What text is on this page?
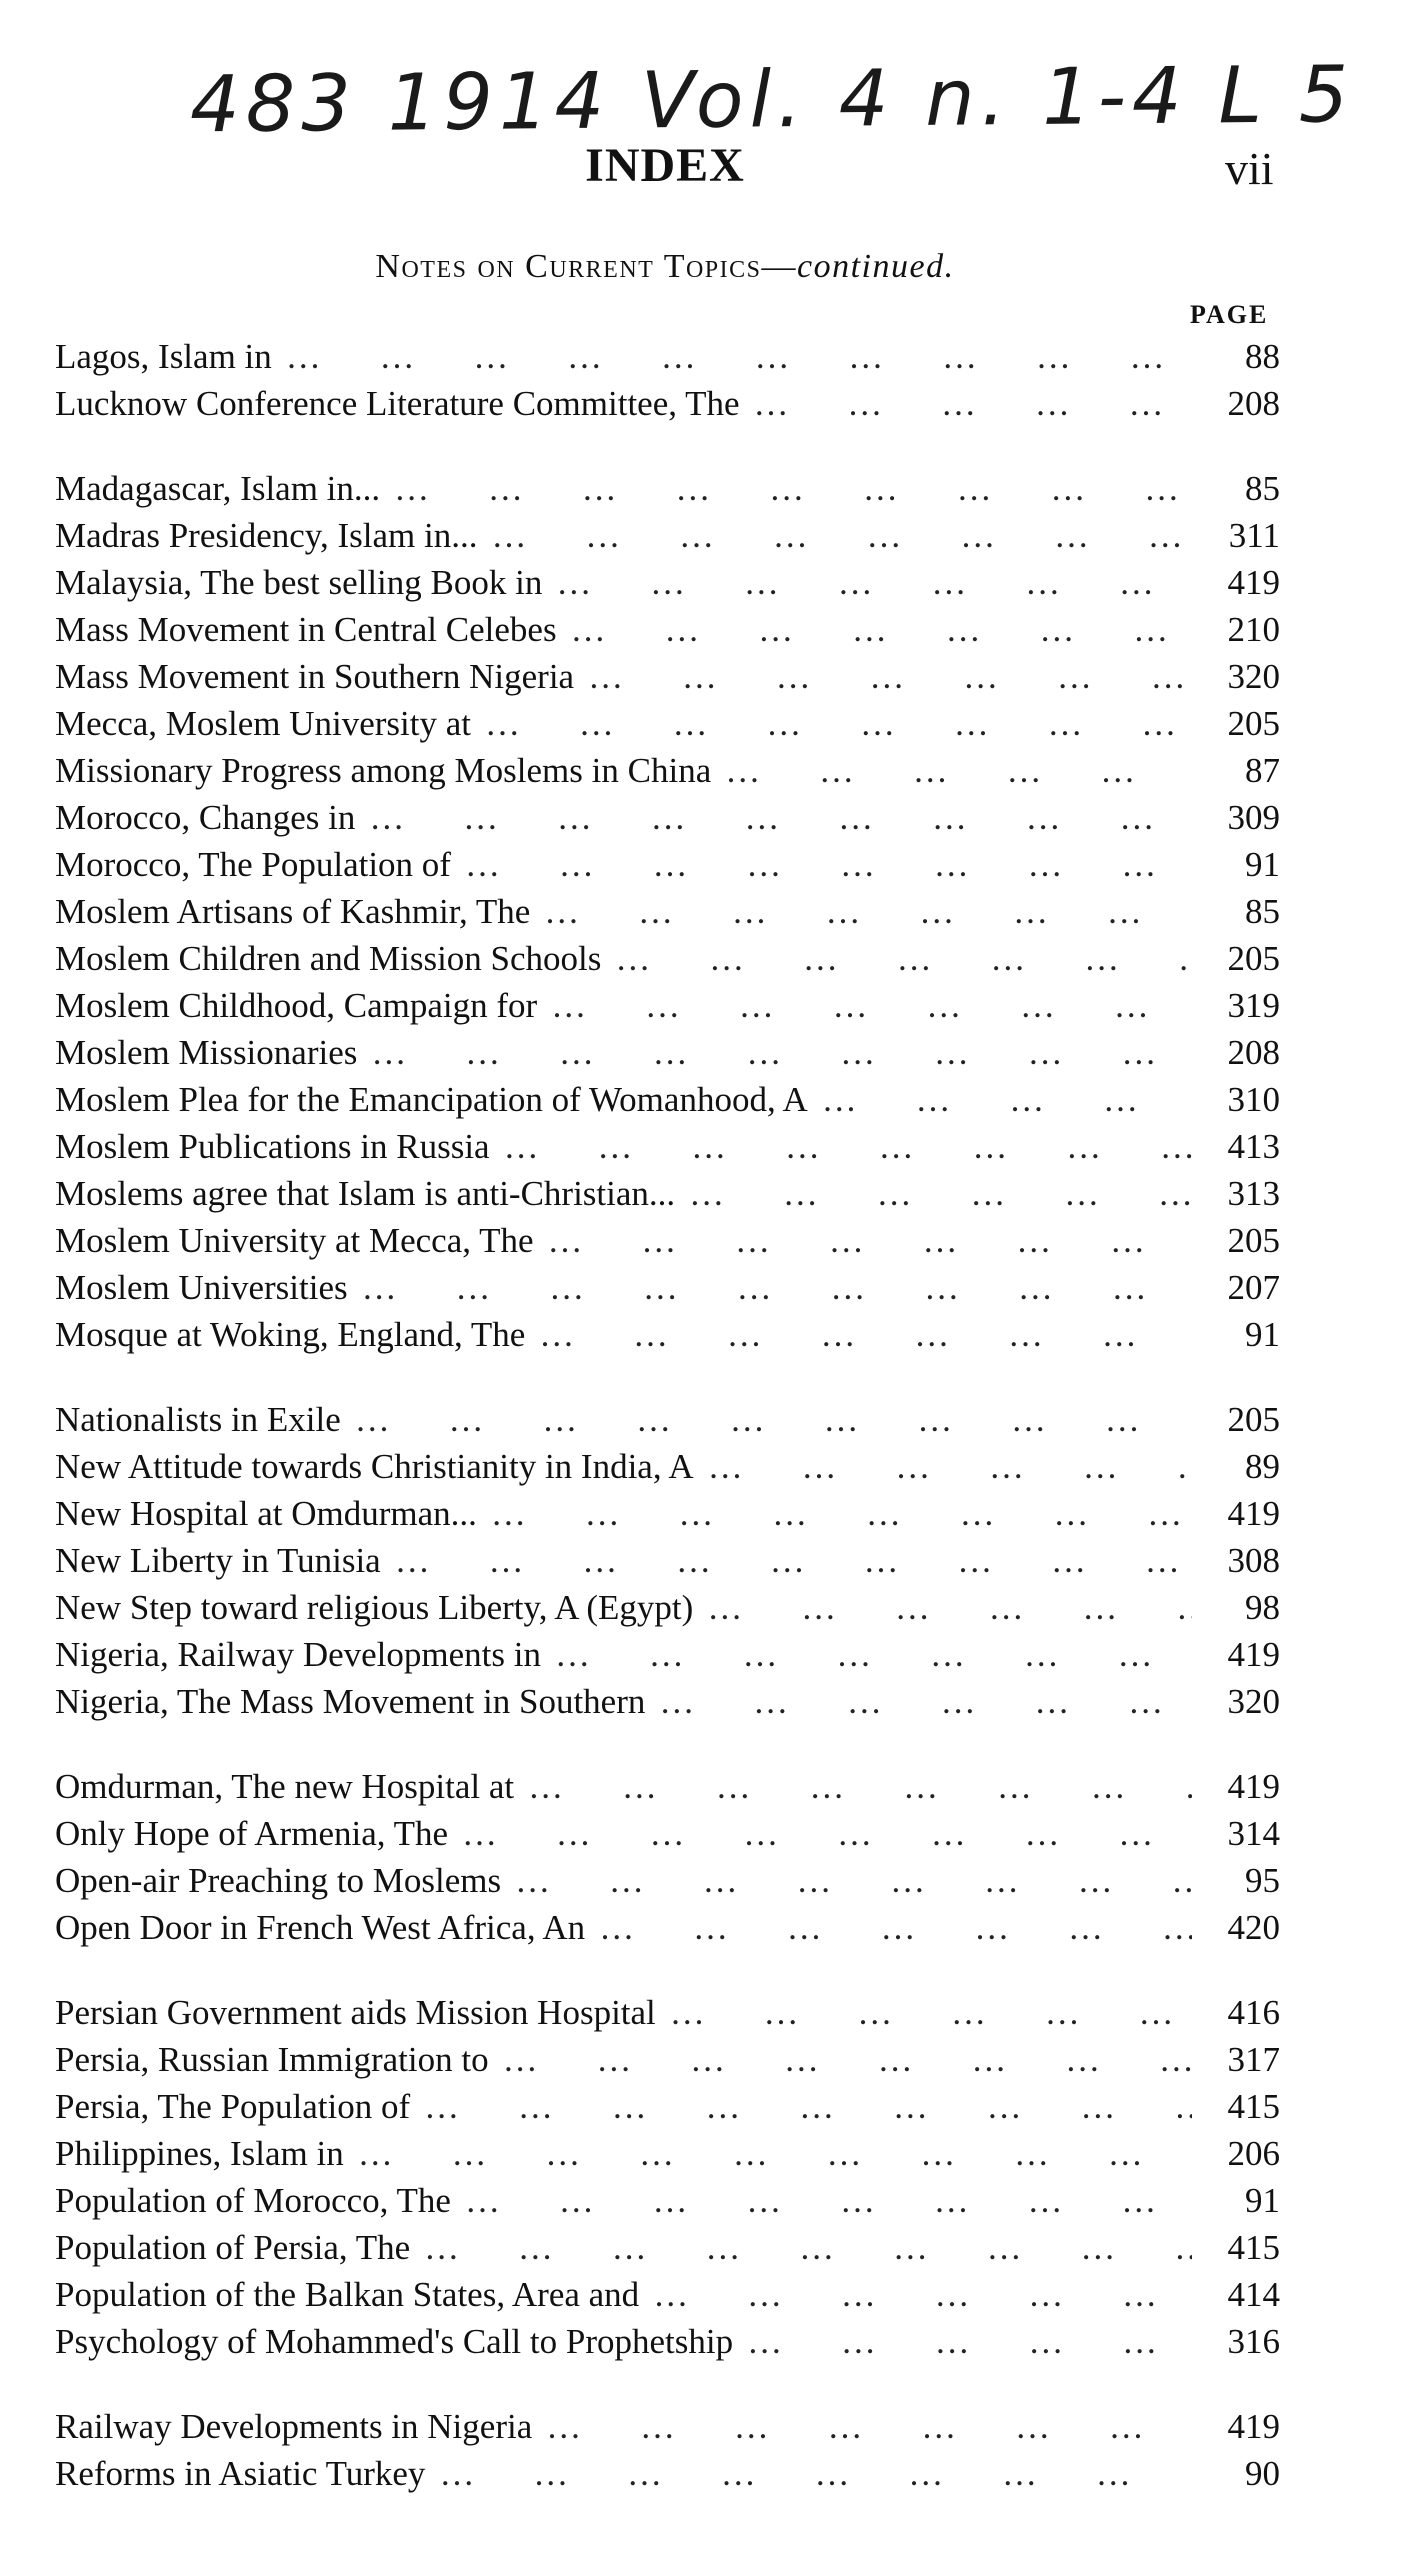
483 1914 Vol. 4 n. 1-4 L 5
INDEX	vii
Notes on Current Topics—continued.
PAGE
Lagos, Islam in … … … … … … … … … … … … … … … … … … … … … … … … … … … … … …	88
Lucknow Conference Literature Committee, The … … … … … … … … … … … … … … … … … … … … … … … … … … … … … …	208
Madagascar, Islam in... … … … … … … … … … … … … … … … … … … … … … … … … … … … … … …	85
Madras Presidency, Islam in... … … … … … … … … … … … … … … … … … … … … … … … … … … … … … …	311
Malaysia, The best selling Book in … … … … … … … … … … … … … … … … … … … … … … … … … … … … … …	419
Mass Movement in Central Celebes … … … … … … … … … … … … … … … … … … … … … … … … … … … … … …	210
Mass Movement in Southern Nigeria … … … … … … … … … … … … … … … … … … … … … … … … … … … … … …	320
Mecca, Moslem University at … … … … … … … … … … … … … … … … … … … … … … … … … … … … … …	205
Missionary Progress among Moslems in China … … … … … … … … … … … … … … … … … … … … … … … … … … … … … …	87
Morocco, Changes in … … … … … … … … … … … … … … … … … … … … … … … … … … … … … …	309
Morocco, The Population of … … … … … … … … … … … … … … … … … … … … … … … … … … … … … …	91
Moslem Artisans of Kashmir, The … … … … … … … … … … … … … … … … … … … … … … … … … … … … … …	85
Moslem Children and Mission Schools … … … … … … … … … … … … … … … … … … … … … … … … … … … … … …	205
Moslem Childhood, Campaign for … … … … … … … … … … … … … … … … … … … … … … … … … … … … … …	319
Moslem Missionaries … … … … … … … … … … … … … … … … … … … … … … … … … … … … … …	208
Moslem Plea for the Emancipation of Womanhood, A … … … … … … … … … … … … … … … … … … … … … … … … … … … … … …	310
Moslem Publications in Russia … … … … … … … … … … … … … … … … … … … … … … … … … … … … … …	413
Moslems agree that Islam is anti-Christian... … … … … … … … … … … … … … … … … … … … … … … … … … … … … … …	313
Moslem University at Mecca, The … … … … … … … … … … … … … … … … … … … … … … … … … … … … … …	205
Moslem Universities … … … … … … … … … … … … … … … … … … … … … … … … … … … … … …	207
Mosque at Woking, England, The … … … … … … … … … … … … … … … … … … … … … … … … … … … … … …	91
Nationalists in Exile … … … … … … … … … … … … … … … … … … … … … … … … … … … … … …	205
New Attitude towards Christianity in India, A … … … … … … … … … … … … … … … … … … … … … … … … … … … … … …	89
New Hospital at Omdurman... … … … … … … … … … … … … … … … … … … … … … … … … … … … … … …	419
New Liberty in Tunisia … … … … … … … … … … … … … … … … … … … … … … … … … … … … … …	308
New Step toward religious Liberty, A (Egypt) … … … … … … … … … … … … … … … … … … … … … … … … … … … … … …	98
Nigeria, Railway Developments in … … … … … … … … … … … … … … … … … … … … … … … … … … … … … …	419
Nigeria, The Mass Movement in Southern … … … … … … … … … … … … … … … … … … … … … … … … … … … … … …	320
Omdurman, The new Hospital at … … … … … … … … … … … … … … … … … … … … … … … … … … … … … …	419
Only Hope of Armenia, The … … … … … … … … … … … … … … … … … … … … … … … … … … … … … …	314
Open-air Preaching to Moslems … … … … … … … … … … … … … … … … … … … … … … … … … … … … … …	95
Open Door in French West Africa, An … … … … … … … … … … … … … … … … … … … … … … … … … … … … … …	420
Persian Government aids Mission Hospital … … … … … … … … … … … … … … … … … … … … … … … … … … … … … …	416
Persia, Russian Immigration to … … … … … … … … … … … … … … … … … … … … … … … … … … … … … …	317
Persia, The Population of … … … … … … … … … … … … … … … … … … … … … … … … … … … … … …	415
Philippines, Islam in … … … … … … … … … … … … … … … … … … … … … … … … … … … … … …	206
Population of Morocco, The … … … … … … … … … … … … … … … … … … … … … … … … … … … … … …	91
Population of Persia, The … … … … … … … … … … … … … … … … … … … … … … … … … … … … … …	415
Population of the Balkan States, Area and … … … … … … … … … … … … … … … … … … … … … … … … … … … … … …	414
Psychology of Mohammed's Call to Prophetship … … … … … … … … … … … … … … … … … … … … … … … … … … … … … …	316
Railway Developments in Nigeria … … … … … … … … … … … … … … … … … … … … … … … … … … … … … …	419
Reforms in Asiatic Turkey … … … … … … … … … … … … … … … … … … … … … … … … … … … … … …	90
